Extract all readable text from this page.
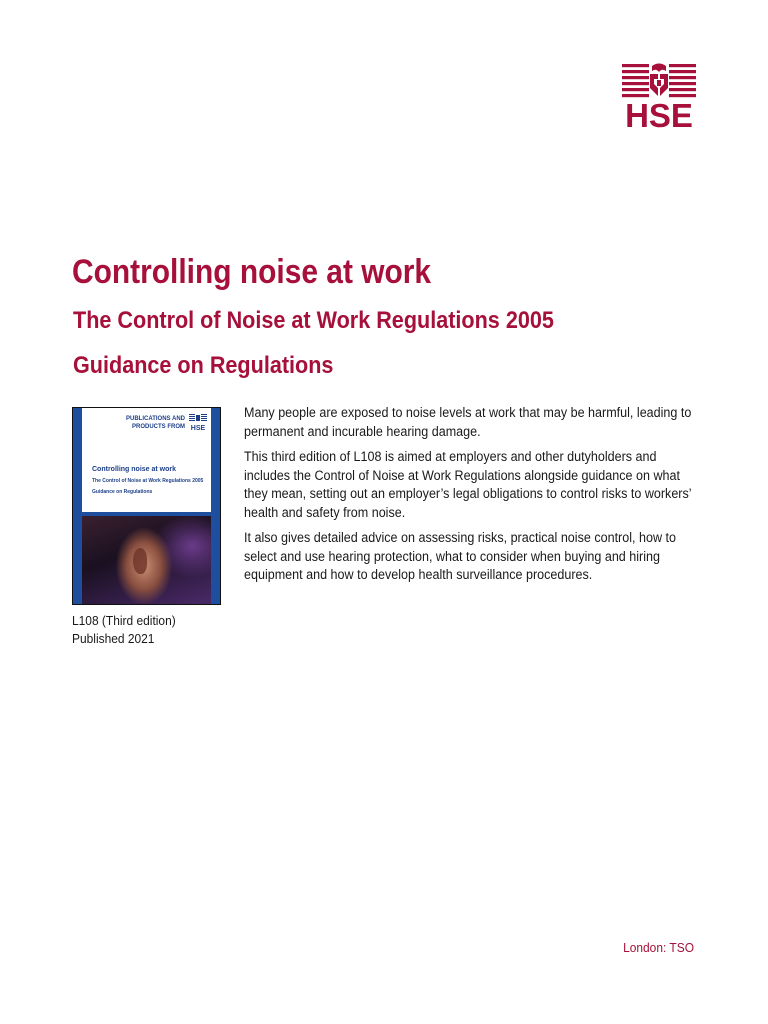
HSE
Controlling noise at work
The Control of Noise at Work Regulations 2005
Guidance on Regulations
PUBLICATIONS AND
PRODUCTS FROM HSE
Controlling noise at work
The Control of Noise at Work Regulations 2005
Guidance on Regulations
L108 (Third edition)
Published 2021

Many people are exposed to noise levels at work that may be harmful, leading to permanent and incurable hearing damage.

This third edition of L108 is aimed at employers and other dutyholders and includes the Control of Noise at Work Regulations alongside guidance on what they mean, setting out an employer’s legal obligations to control risks to workers’ health and safety from noise.

It also gives detailed advice on assessing risks, practical noise control, how to select and use hearing protection, what to consider when buying and hiring equipment and how to develop health surveillance procedures.

London: TSO
